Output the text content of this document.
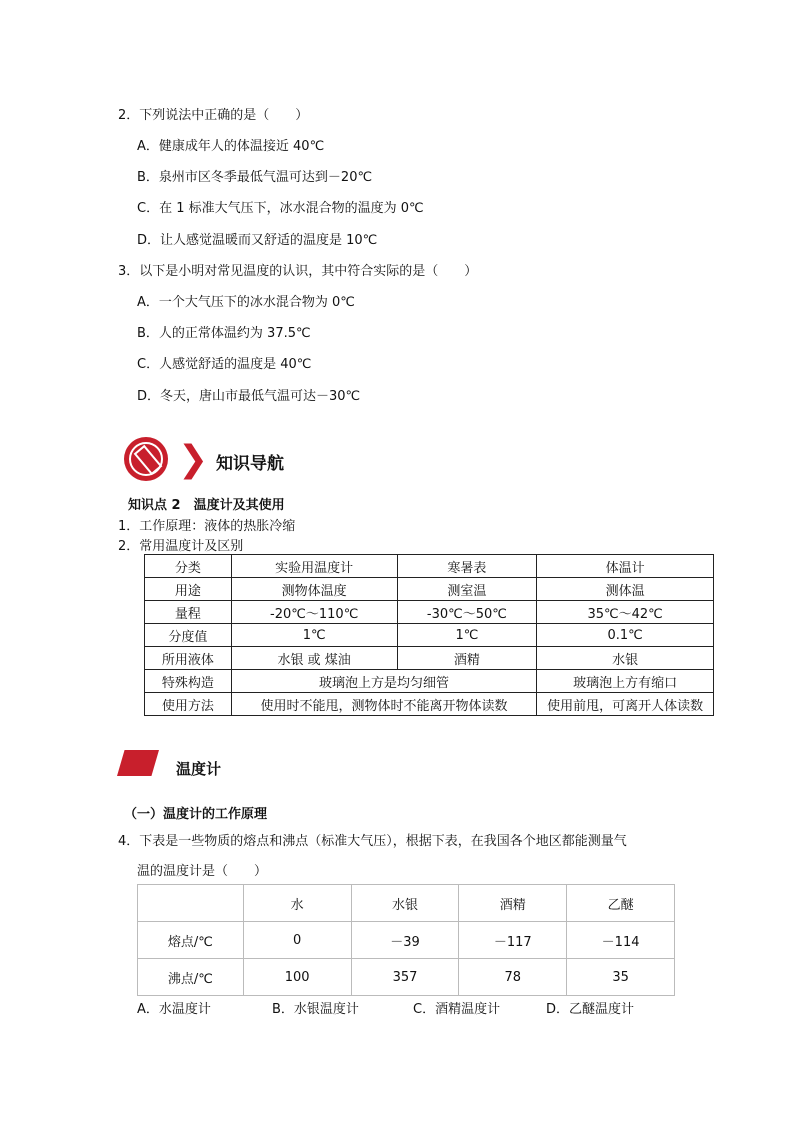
2．下列说法中正确的是（　　）
A．健康成年人的体温接近 40℃
B．泉州市区冬季最低气温可达到－20℃
C．在 1 标准大气压下，冰水混合物的温度为 0℃
D．让人感觉温暖而又舒适的温度是 10℃
3．以下是小明对常见温度的认识，其中符合实际的是（　　）
A．一个大气压下的冰水混合物为 0℃
B．人的正常体温约为 37.5℃
C．人感觉舒适的温度是 40℃
D．冬天，唐山市最低气温可达－30℃
❯ 知识导航
知识点 2　温度计及其使用
1．工作原理：液体的热胀冷缩
2．常用温度计及区别
分类	实验用温度计	寒暑表	体温计
用途	测物体温度	测室温	测体温
量程	-20℃～110℃	-30℃～50℃	35℃～42℃
分度值	1℃	1℃	0.1℃
所用液体	水银 或 煤油	酒精	水银
特殊构造	玻璃泡上方是均匀细管		玻璃泡上方有缩口
使用方法	使用时不能甩，测物体时不能离开物体读数		使用前甩，可离开人体读数
温度计
（一）温度计的工作原理
4．下表是一些物质的熔点和沸点（标准大气压），根据下表，在我国各个地区都能测量气
温的温度计是（　　）
	水	水银	酒精	乙醚
熔点/℃	0	－39	－117	－114
沸点/℃	100	357	78	35
A．水温度计	B．水银温度计	C．酒精温度计	D．乙醚温度计
